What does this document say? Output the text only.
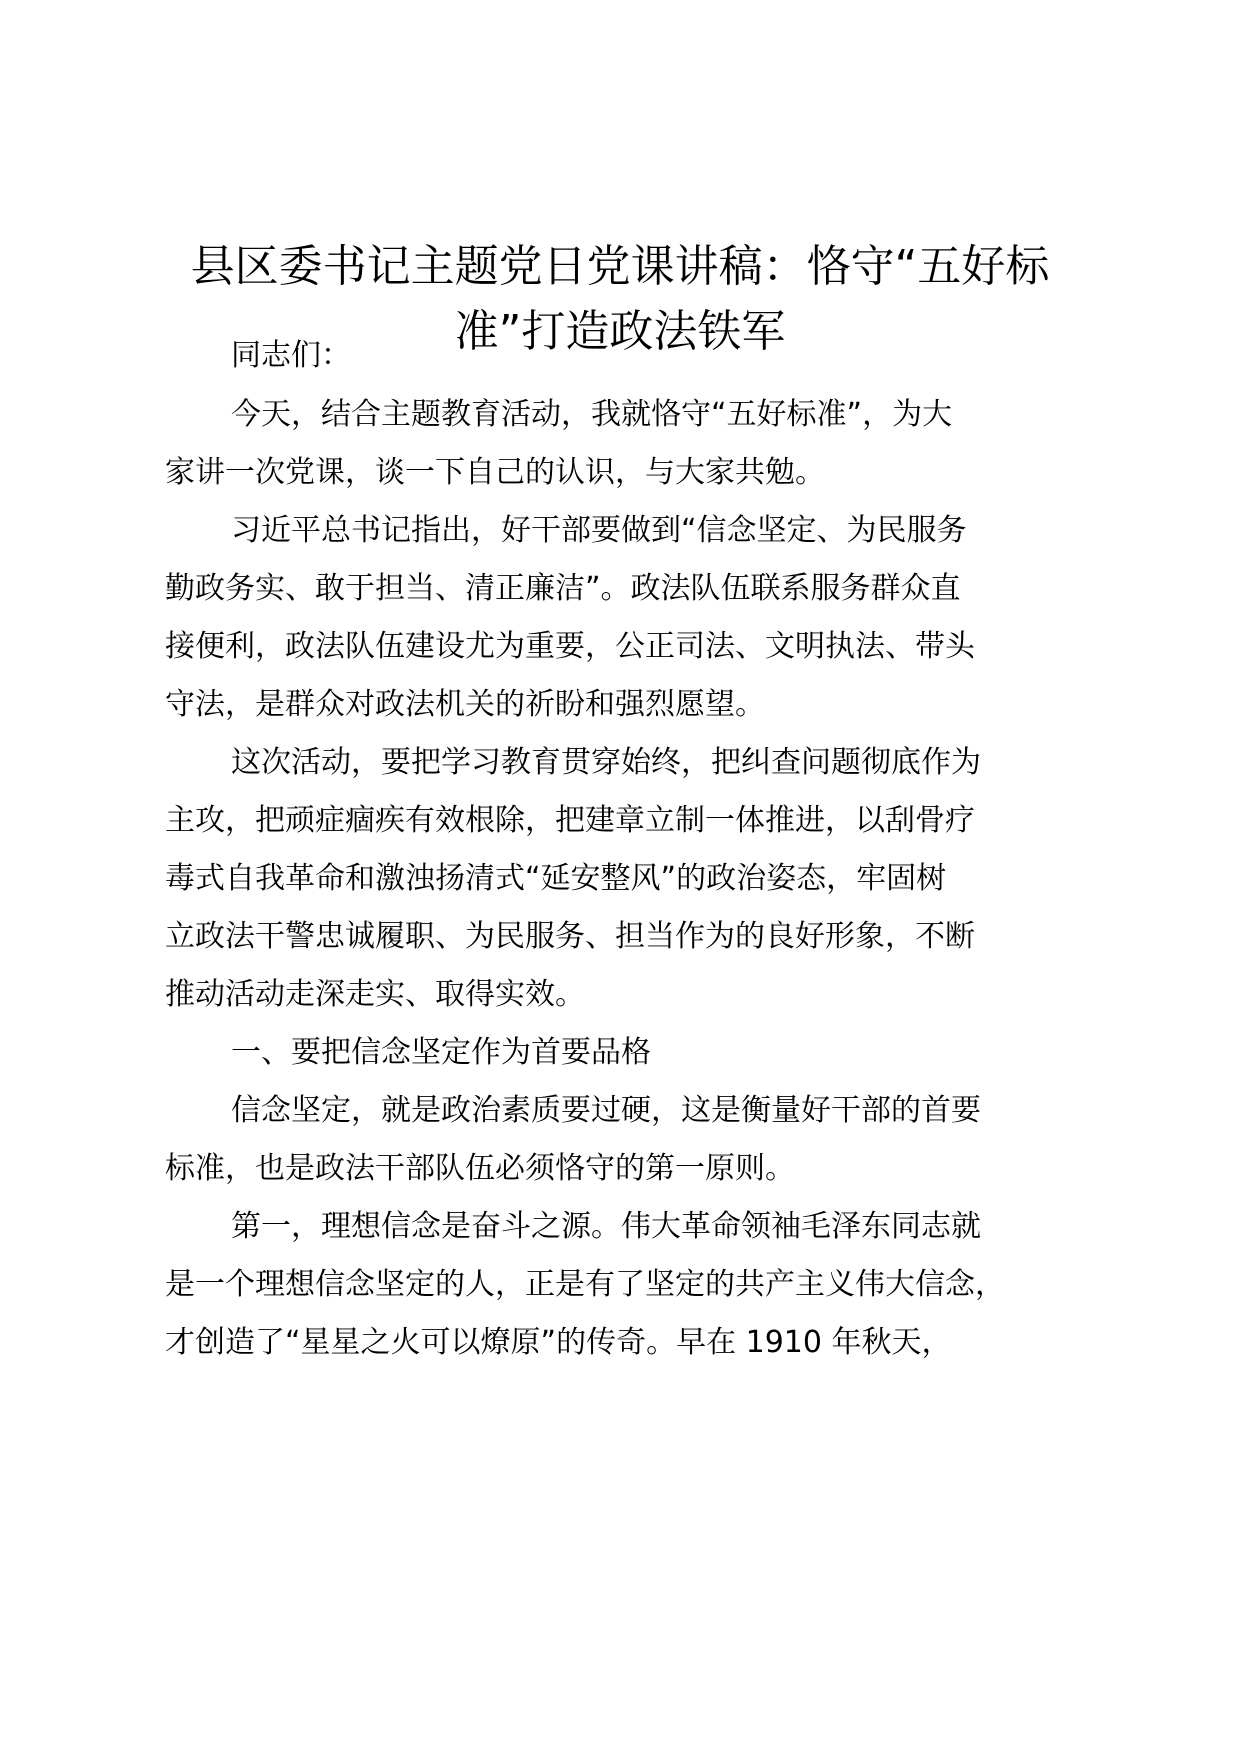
县区委书记主题党日党课讲稿：恪守“五好标
准”打造政法铁军

同志们：

今天，结合主题教育活动，我就恪守“五好标准”，为大

家讲一次党课，谈一下自己的认识，与大家共勉。

习近平总书记指出，好干部要做到“信念坚定、为民服务

勤政务实、敢于担当、清正廉洁”。政法队伍联系服务群众直

接便利，政法队伍建设尤为重要，公正司法、文明执法、带头

守法，是群众对政法机关的祈盼和强烈愿望。

这次活动，要把学习教育贯穿始终，把纠查问题彻底作为

主攻，把顽症痼疾有效根除，把建章立制一体推进，以刮骨疗

毒式自我革命和激浊扬清式“延安整风”的政治姿态，牢固树

立政法干警忠诚履职、为民服务、担当作为的良好形象，不断

推动活动走深走实、取得实效。

一、要把信念坚定作为首要品格

信念坚定，就是政治素质要过硬，这是衡量好干部的首要

标准，也是政法干部队伍必须恪守的第一原则。

第一，理想信念是奋斗之源。伟大革命领袖毛泽东同志就

是一个理想信念坚定的人，正是有了坚定的共产主义伟大信念，

才创造了“星星之火可以燎原”的传奇。早在 1910 年秋天，
